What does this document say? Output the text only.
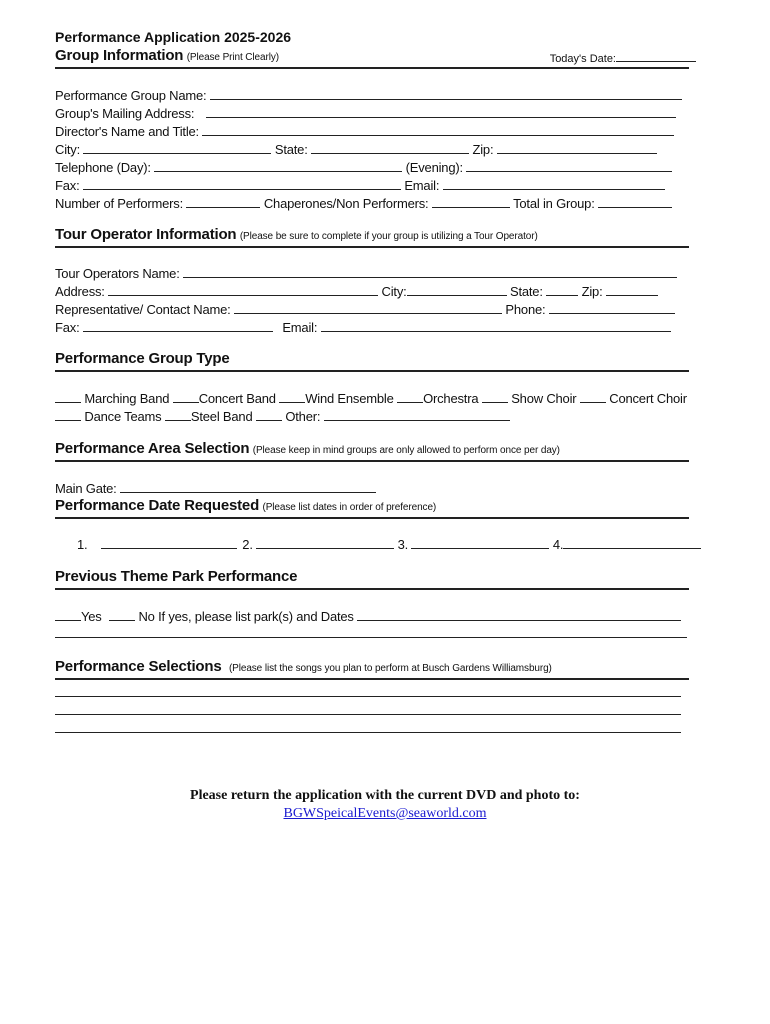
Performance Application 2025-2026
Group Information (Please Print Clearly)	Today's Date:
Performance Group Name:
Group's Mailing Address:
Director's Name and Title:
City:	State:	Zip:
Telephone (Day):	(Evening):
Fax:	Email:
Number of Performers:	Chaperones/Non Performers:	Total in Group:
Tour Operator Information (Please be sure to complete if your group is utilizing a Tour Operator)
Tour Operators Name:
Address:	City:	State:	Zip:
Representative/ Contact Name:	Phone:
Fax:	Email:
Performance Group Type
Marching Band Concert Band Wind Ensemble Orchestra	Show Choir	Concert Choir
Dance Teams Steel Band	Other:
Performance Area Selection (Please keep in mind groups are only allowed to perform once per day)
Main Gate:
Performance Date Requested (Please list dates in order of preference)
1.	2.	3.	4.
Previous Theme Park Performance
Yes	No If yes, please list park(s) and Dates
Performance Selections (Please list the songs you plan to perform at Busch Gardens Williamsburg)
Please return the application with the current DVD and photo to:
BGWSpeicalEvents@seaworld.com
